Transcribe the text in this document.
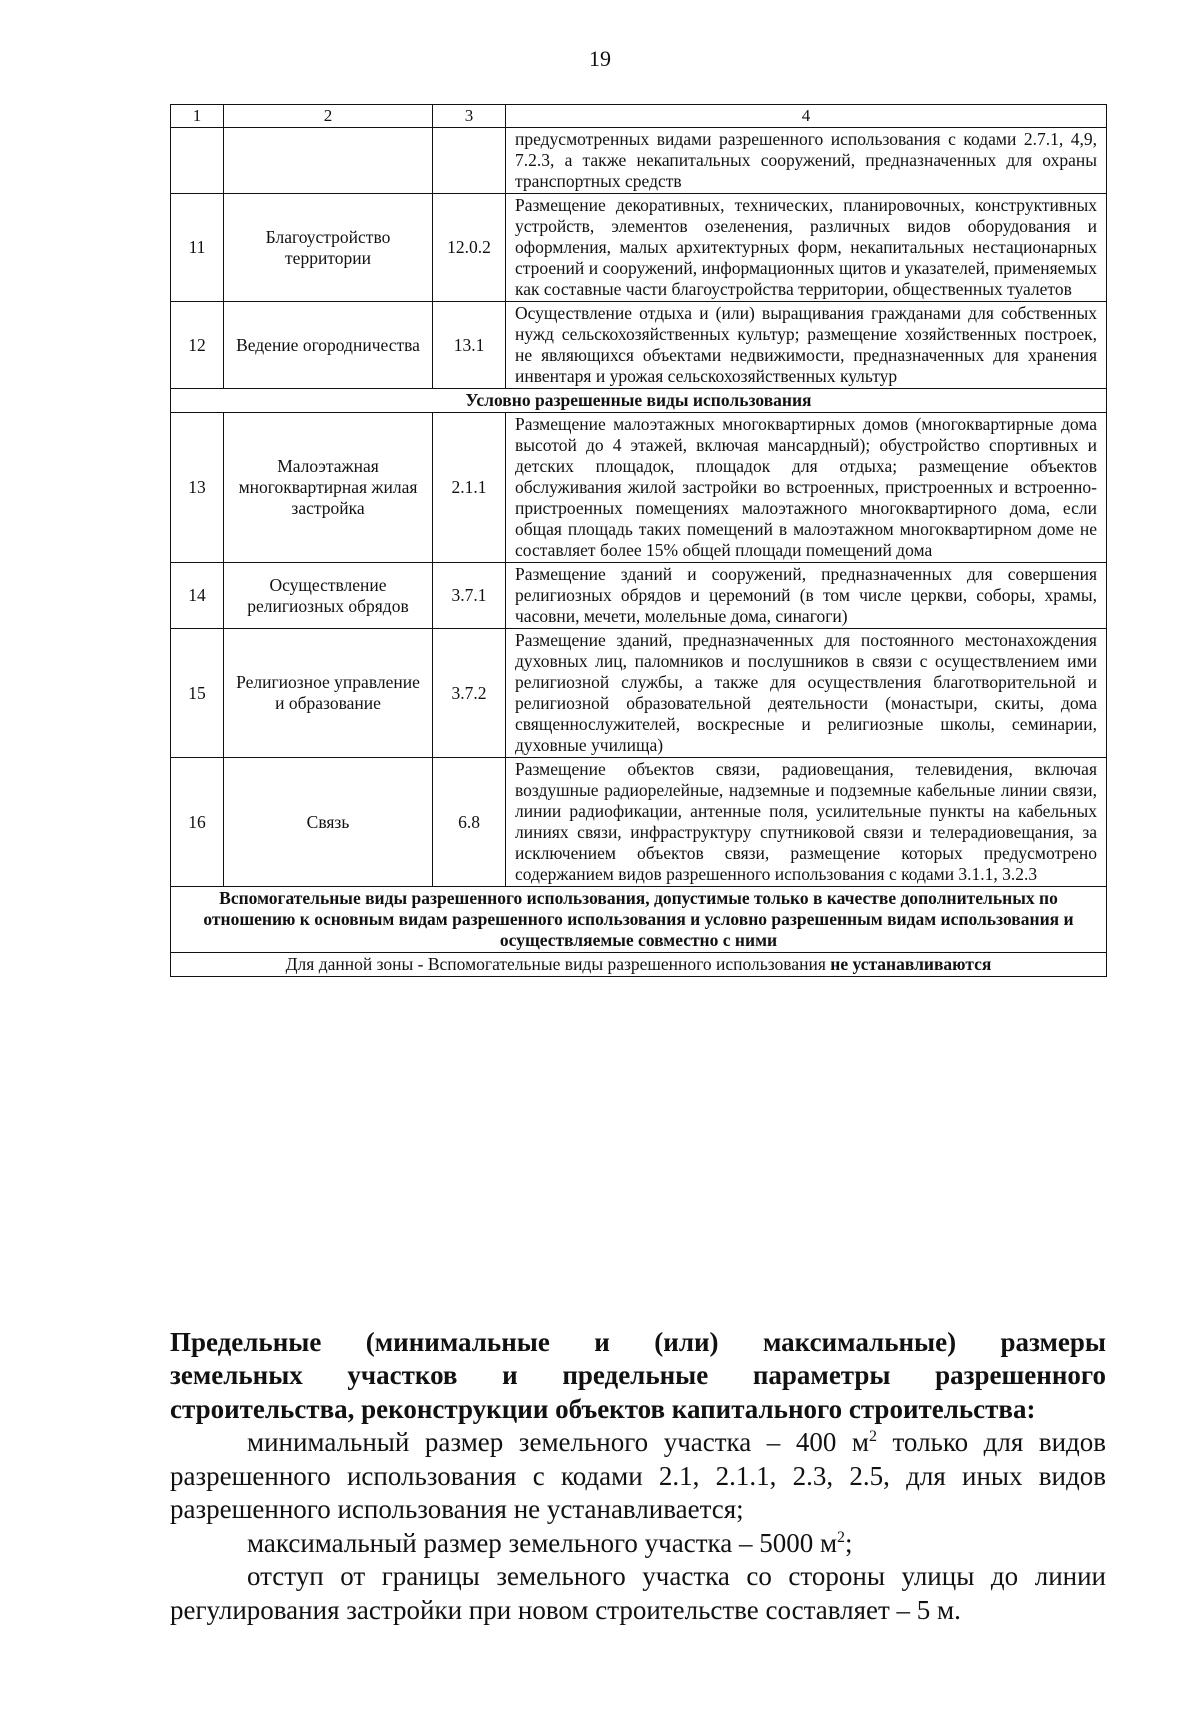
19
1	2	3	4
			предусмотренных видами разрешенного использования с кодами 2.7.1, 4,9, 7.2.3, а также некапитальных сооружений, предназначенных для охраны транспортных средств
11	Благоустройство территории	12.0.2	Размещение декоративных, технических, планировочных, конструктивных устройств, элементов озеленения, различных видов оборудования и оформления, малых архитектурных форм, некапитальных нестационарных строений и сооружений, информационных щитов и указателей, применяемых как составные части благоустройства территории, общественных туалетов
12	Ведение огородничества	13.1	Осуществление отдыха и (или) выращивания гражданами для собственных нужд сельскохозяйственных культур; размещение хозяйственных построек, не являющихся объектами недвижимости, предназначенных для хранения инвентаря и урожая сельскохозяйственных культур
Условно разрешенные виды использования			
13	Малоэтажная многоквартирная жилая застройка	2.1.1	Размещение малоэтажных многоквартирных домов (многоквартирные дома высотой до 4 этажей, включая мансардный); обустройство спортивных и детских площадок, площадок для отдыха; размещение объектов обслуживания жилой застройки во встроенных, пристроенных и встроенно-пристроенных помещениях малоэтажного многоквартирного дома, если общая площадь таких помещений в малоэтажном многоквартирном доме не составляет более 15% общей площади помещений дома
14	Осуществление религиозных обрядов	3.7.1	Размещение зданий и сооружений, предназначенных для совершения религиозных обрядов и церемоний (в том числе церкви, соборы, храмы, часовни, мечети, молельные дома, синагоги)
15	Религиозное управление и образование	3.7.2	Размещение зданий, предназначенных для постоянного местонахождения духовных лиц, паломников и послушников в связи с осуществлением ими религиозной службы, а также для осуществления благотворительной и религиозной образовательной деятельности (монастыри, скиты, дома священнослужителей, воскресные и религиозные школы, семинарии, духовные училища)
16	Связь	6.8	Размещение объектов связи, радиовещания, телевидения, включая воздушные радиорелейные, надземные и подземные кабельные линии связи, линии радиофикации, антенные поля, усилительные пункты на кабельных линиях связи, инфраструктуру спутниковой связи и телерадиовещания, за исключением объектов связи, размещение которых предусмотрено содержанием видов разрешенного использования с кодами 3.1.1, 3.2.3
Вспомогательные виды разрешенного использования, допустимые только в качестве дополнительных по отношению к основным видам разрешенного использования и условно разрешенным видам использования и осуществляемые совместно с ними			
Для данной зоны - Вспомогательные виды разрешенного использования не устанавливаются			

Предельные (минимальные и (или) максимальные) размеры

земельных участков и предельные параметры разрешенного

строительства, реконструкции объектов капитального строительства:

минимальный размер земельного участка – 400 $м^2$ только для видов разрешенного использования с кодами 2.1, 2.1.1, 2.3, 2.5, для иных видов разрешенного использования не устанавливается;

максимальный размер земельного участка – 5000 $м^2$;

отступ от границы земельного участка со стороны улицы до линии регулирования застройки при новом строительстве составляет – 5 м.
